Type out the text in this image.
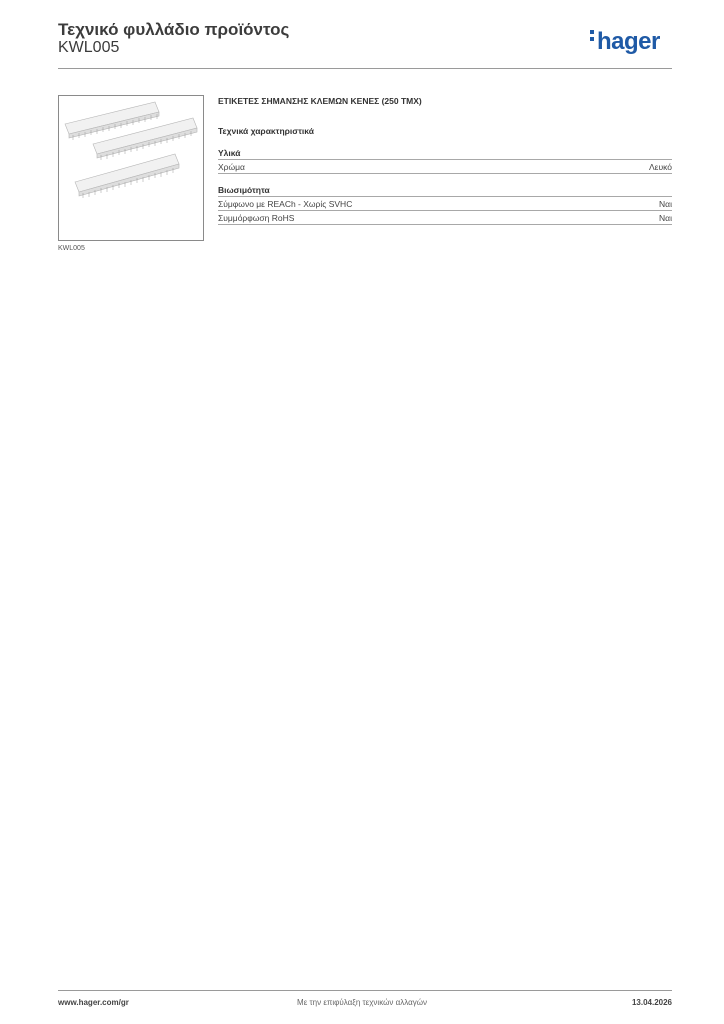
Τεχνικό φυλλάδιο προϊόντος
KWL005	hager
KWL005
ΕΤΙΚΕΤΕΣ ΣΗΜΑΝΣΗΣ ΚΛΕΜΩΝ ΚΕΝΕΣ (250 ΤΜΧ)
Τεχνικά χαρακτηριστικά
Υλικά
Χρώμα	Λευκό
Βιωσιμότητα
Σύμφωνο με REACh - Χωρίς SVHC	Ναι
Συμμόρφωση RoHS	Ναι
www.hager.com/gr	Με την επιφύλαξη τεχνικών αλλαγών	13.04.2026
